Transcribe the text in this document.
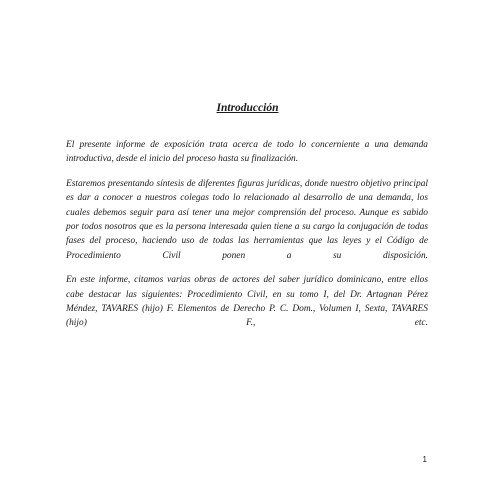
Introducción

El presente informe de exposición trata acerca de todo lo concerniente a una demanda introductiva, desde el inicio del proceso hasta su finalización.

Estaremos presentando síntesis de diferentes figuras jurídicas, donde nuestro objetivo principal es dar a conocer a nuestros colegas todo lo relacionado al desarrollo de una demanda, los cuales debemos seguir para así tener una mejor comprensión del proceso. Aunque es sabido por todos nosotros que es la persona interesada quien tiene a su cargo la conjugación de todas fases del proceso, haciendo uso de todas las herramientas que las leyes y el Código de Procedimiento Civil ponen a su disposición.

En este informe, citamos varias obras de actores del saber jurídico dominicano, entre ellos cabe destacar las siguientes: Procedimiento Civil, en su tomo I, del Dr. Artagnan Pérez Méndez, TAVARES (hijo) F. Elementos de Derecho P. C. Dom., Volumen I, Sexta, TAVARES (hijo) F., etc.

1
